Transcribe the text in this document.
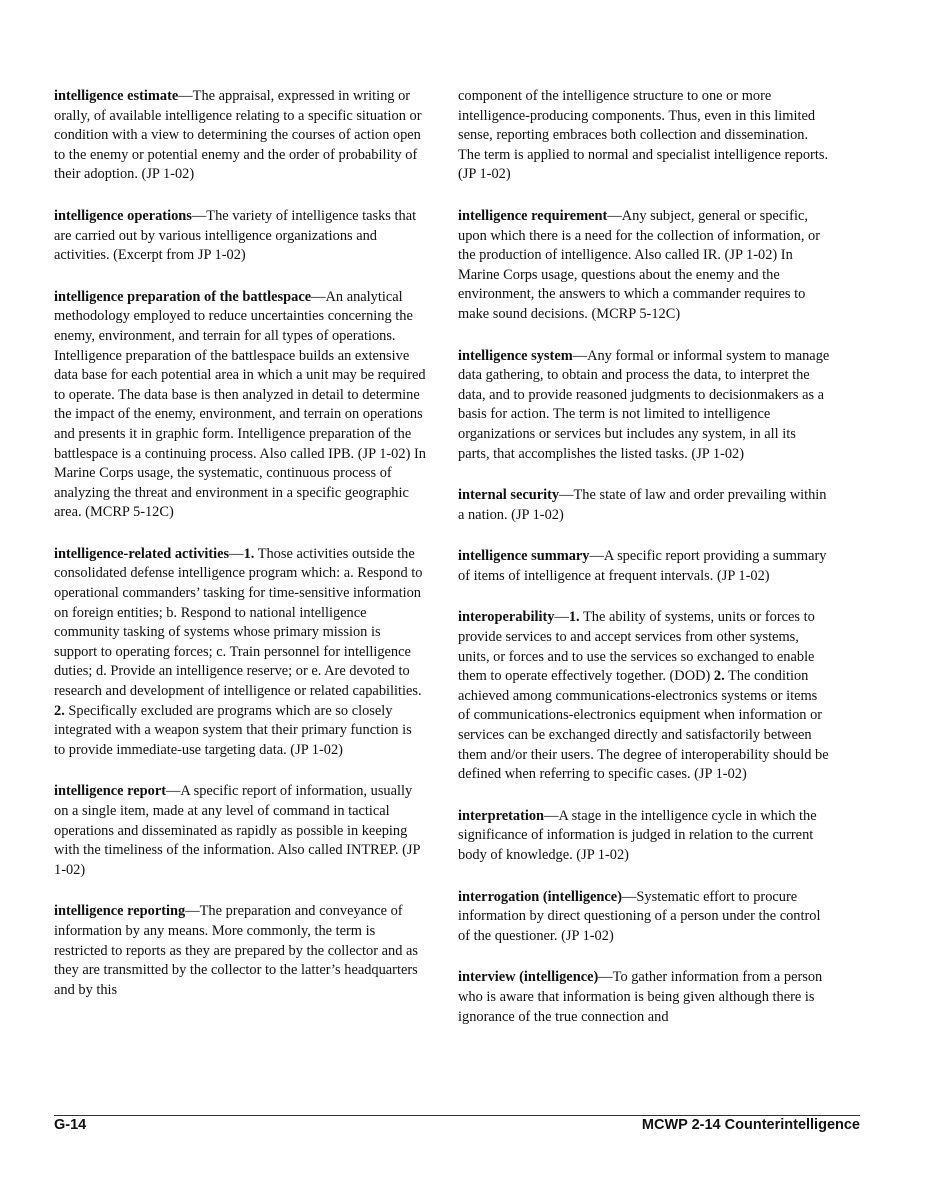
intelligence estimate—The appraisal, expressed in writing or orally, of available intelligence relating to a specific situation or condition with a view to determining the courses of action open to the enemy or potential enemy and the order of probability of their adoption. (JP 1-02)

intelligence operations—The variety of intelligence tasks that are carried out by various intelligence organizations and activities. (Excerpt from JP 1-02)

intelligence preparation of the battlespace—An analytical methodology employed to reduce uncertainties concerning the enemy, environment, and terrain for all types of operations. Intelligence preparation of the battlespace builds an extensive data base for each potential area in which a unit may be required to operate. The data base is then analyzed in detail to determine the impact of the enemy, environment, and terrain on operations and presents it in graphic form. Intelligence preparation of the battlespace is a continuing process. Also called IPB. (JP 1-02) In Marine Corps usage, the systematic, continuous process of analyzing the threat and environment in a specific geographic area. (MCRP 5-12C)

intelligence-related activities—1. Those activities outside the consolidated defense intelligence program which: a. Respond to operational commanders’ tasking for time-sensitive information on foreign entities; b. Respond to national intelligence community tasking of systems whose primary mission is support to operating forces; c. Train personnel for intelligence duties; d. Provide an intelligence reserve; or e. Are devoted to research and development of intelligence or related capabilities. 2. Specifically excluded are programs which are so closely integrated with a weapon system that their primary function is to provide immediate-use targeting data. (JP 1-02)

intelligence report—A specific report of information, usually on a single item, made at any level of command in tactical operations and disseminated as rapidly as possible in keeping with the timeliness of the information. Also called INTREP. (JP 1-02)

intelligence reporting—The preparation and conveyance of information by any means. More commonly, the term is restricted to reports as they are prepared by the collector and as they are transmitted by the collector to the latter’s headquarters and by this

component of the intelligence structure to one or more intelligence-producing components. Thus, even in this limited sense, reporting embraces both collection and dissemination. The term is applied to normal and specialist intelligence reports. (JP 1-02)

intelligence requirement—Any subject, general or specific, upon which there is a need for the collection of information, or the production of intelligence. Also called IR. (JP 1-02) In Marine Corps usage, questions about the enemy and the environment, the answers to which a commander requires to make sound decisions. (MCRP 5-12C)

intelligence system—Any formal or informal system to manage data gathering, to obtain and process the data, to interpret the data, and to provide reasoned judgments to decisionmakers as a basis for action. The term is not limited to intelligence organizations or services but includes any system, in all its parts, that accomplishes the listed tasks. (JP 1-02)

internal security—The state of law and order prevailing within a nation. (JP 1-02)

intelligence summary—A specific report providing a summary of items of intelligence at frequent intervals. (JP 1-02)

interoperability—1. The ability of systems, units or forces to provide services to and accept services from other systems, units, or forces and to use the services so exchanged to enable them to operate effectively together. (DOD) 2. The condition achieved among communications-electronics systems or items of communications-electronics equipment when information or services can be exchanged directly and satisfactorily between them and/or their users. The degree of interoperability should be defined when referring to specific cases. (JP 1-02)

interpretation—A stage in the intelligence cycle in which the significance of information is judged in relation to the current body of knowledge. (JP 1-02)

interrogation (intelligence)—Systematic effort to procure information by direct questioning of a person under the control of the questioner. (JP 1-02)

interview (intelligence)—To gather information from a person who is aware that information is being given although there is ignorance of the true connection and

G-14	MCWP 2-14 Counterintelligence
